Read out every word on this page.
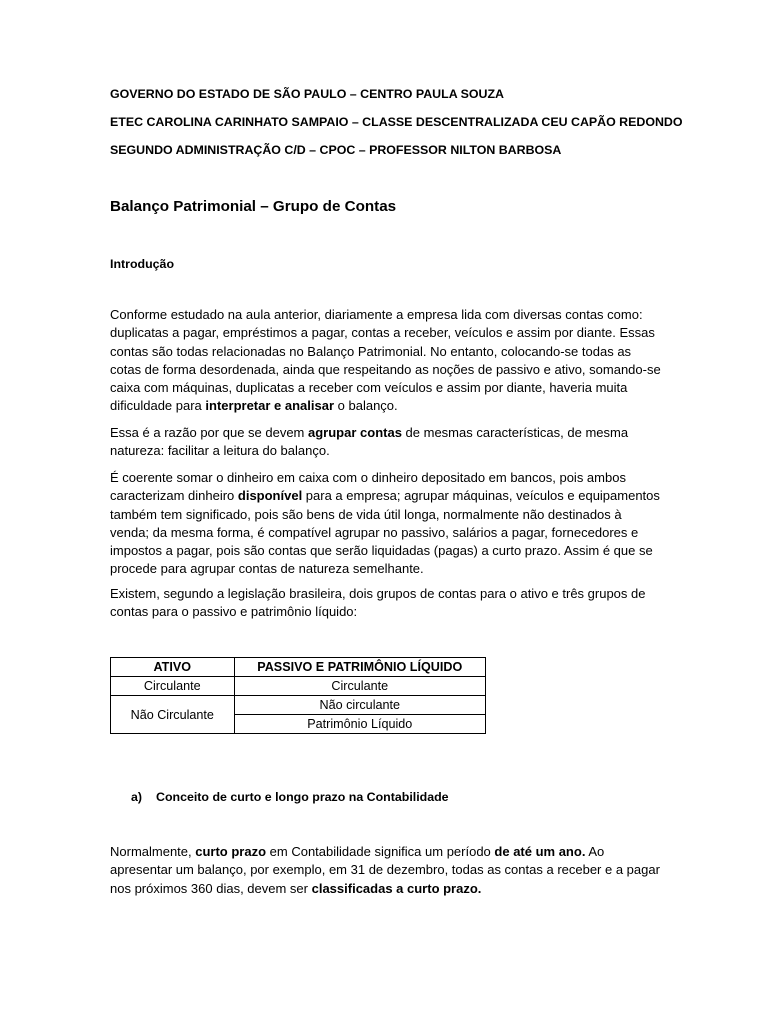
GOVERNO DO ESTADO DE SÃO PAULO – CENTRO PAULA SOUZA
ETEC CAROLINA CARINHATO SAMPAIO – CLASSE DESCENTRALIZADA CEU CAPÃO REDONDO
SEGUNDO ADMINISTRAÇÃO C/D – CPOC – PROFESSOR NILTON BARBOSA
Balanço Patrimonial – Grupo de Contas
Introdução
Conforme estudado na aula anterior, diariamente a empresa lida com diversas contas como:
duplicatas a pagar, empréstimos a pagar, contas a receber, veículos e assim por diante. Essas
contas são todas relacionadas no Balanço Patrimonial. No entanto, colocando-se todas as
cotas de forma desordenada, ainda que respeitando as noções de passivo e ativo, somando-se
caixa com máquinas, duplicatas a receber com veículos e assim por diante, haveria muita
dificuldade para interpretar e analisar o balanço.
Essa é a razão por que se devem agrupar contas de mesmas características, de mesma
natureza: facilitar a leitura do balanço.
É coerente somar o dinheiro em caixa com o dinheiro depositado em bancos, pois ambos
caracterizam dinheiro disponível para a empresa; agrupar máquinas, veículos e equipamentos
também tem significado, pois são bens de vida útil longa, normalmente não destinados à
venda; da mesma forma, é compatível agrupar no passivo, salários a pagar, fornecedores e
impostos a pagar, pois são contas que serão liquidadas (pagas) a curto prazo. Assim é que se
procede para agrupar contas de natureza semelhante.
Existem, segundo a legislação brasileira, dois grupos de contas para o ativo e três grupos de
contas para o passivo e patrimônio líquido:
ATIVO	PASSIVO E PATRIMÔNIO LÍQUIDO
Circulante	Circulante
Não Circulante	Não circulante
	Patrimônio Líquido
a) Conceito de curto e longo prazo na Contabilidade
Normalmente, curto prazo em Contabilidade significa um período de até um ano. Ao
apresentar um balanço, por exemplo, em 31 de dezembro, todas as contas a receber e a pagar
nos próximos 360 dias, devem ser classificadas a curto prazo.
